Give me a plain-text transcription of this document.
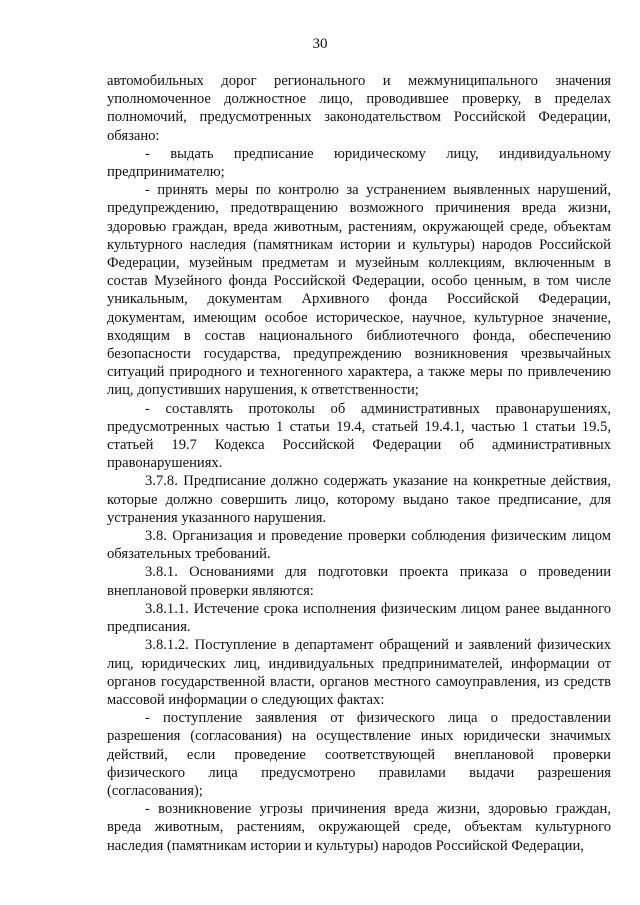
30

автомобильных дорог регионального и межмуниципального значения уполномоченное должностное лицо, проводившее проверку, в пределах полномочий, предусмотренных законодательством Российской Федерации, обязано:

- выдать предписание юридическому лицу, индивидуальному предпринимателю;

- принять меры по контролю за устранением выявленных нарушений, предупреждению, предотвращению возможного причинения вреда жизни, здоровью граждан, вреда животным, растениям, окружающей среде, объектам культурного наследия (памятникам истории и культуры) народов Российской Федерации, музейным предметам и музейным коллекциям, включенным в состав Музейного фонда Российской Федерации, особо ценным, в том числе уникальным, документам Архивного фонда Российской Федерации, документам, имеющим особое историческое, научное, культурное значение, входящим в состав национального библиотечного фонда, обеспечению безопасности государства, предупреждению возникновения чрезвычайных ситуаций природного и техногенного характера, а также меры по привлечению лиц, допустивших нарушения, к ответственности;

- составлять протоколы об административных правонарушениях, предусмотренных частью 1 статьи 19.4, статьей 19.4.1, частью 1 статьи 19.5, статьей 19.7 Кодекса Российской Федерации об административных правонарушениях.

3.7.8. Предписание должно содержать указание на конкретные действия, которые должно совершить лицо, которому выдано такое предписание, для устранения указанного нарушения.

3.8. Организация и проведение проверки соблюдения физическим лицом обязательных требований.

3.8.1. Основаниями для подготовки проекта приказа о проведении внеплановой проверки являются:

3.8.1.1. Истечение срока исполнения физическим лицом ранее выданного предписания.

3.8.1.2. Поступление в департамент обращений и заявлений физических лиц, юридических лиц, индивидуальных предпринимателей, информации от органов государственной власти, органов местного самоуправления, из средств массовой информации о следующих фактах:

- поступление заявления от физического лица о предоставлении разрешения (согласования) на осуществление иных юридически значимых действий, если проведение соответствующей внеплановой проверки физического лица предусмотрено правилами выдачи разрешения (согласования);

- возникновение угрозы причинения вреда жизни, здоровью граждан, вреда животным, растениям, окружающей среде, объектам культурного наследия (памятникам истории и культуры) народов Российской Федерации,
